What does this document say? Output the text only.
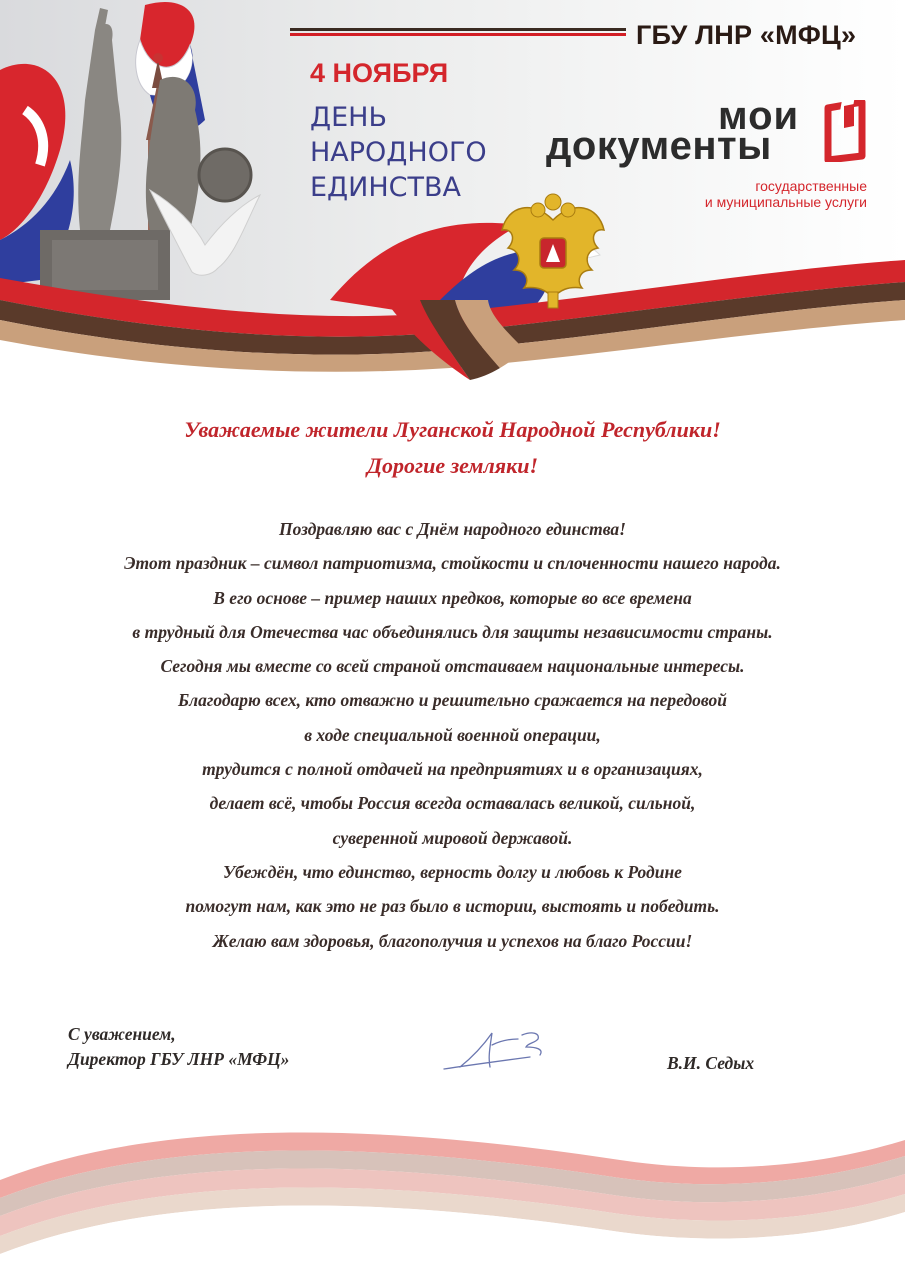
ГБУ ЛНР «МФЦ»
4 НОЯБРЯ
ДЕНЬ
НАРОДНОГО
ЕДИНСТВА
мои
документы
государственные
и муниципальные услуги
Уважаемые жители Луганской Народной Республики!
Дорогие земляки!
Поздравляю вас с Днём народного единства!
Этот праздник – символ патриотизма, стойкости и сплоченности нашего народа.
В его основе – пример наших предков, которые во все времена
в трудный для Отечества час объединялись для защиты независимости страны.
Сегодня мы вместе со всей страной отстаиваем национальные интересы.
Благодарю всех, кто отважно и решительно сражается на передовой
в ходе специальной военной операции,
трудится с полной отдачей на предприятиях и в организациях,
делает всё, чтобы Россия всегда оставалась великой, сильной,
суверенной мировой державой.
Убеждён, что единство, верность долгу и любовь к Родине
помогут нам, как это не раз было в истории, выстоять и победить.
Желаю вам здоровья, благополучия и успехов на благо России!
С уважением,
Директор ГБУ ЛНР «МФЦ»	В.И. Седых
